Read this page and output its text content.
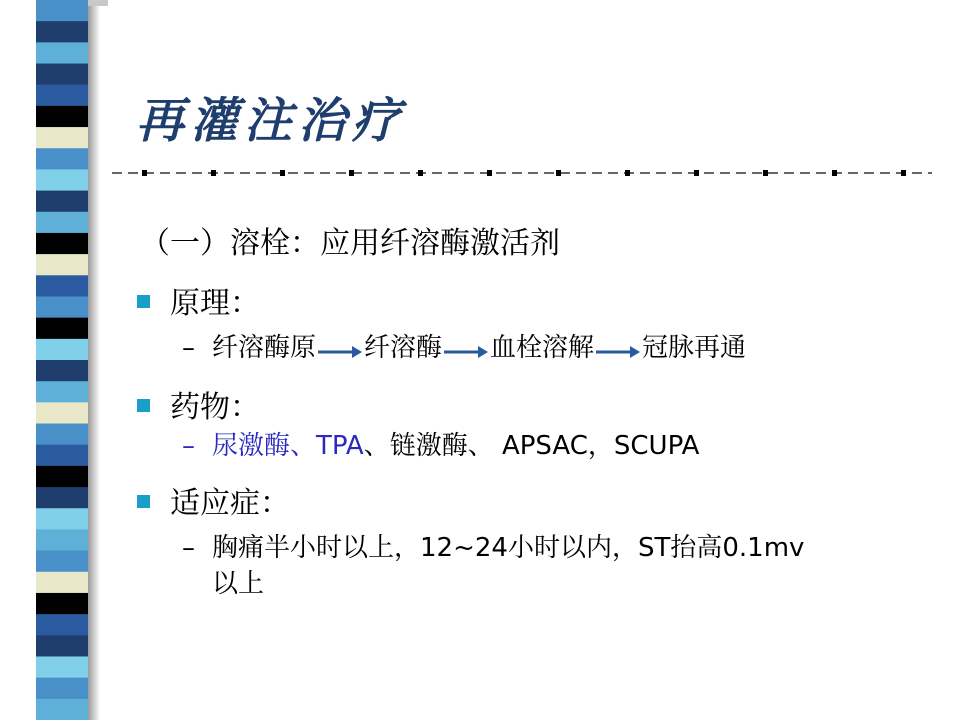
再灌注治疗
（一）溶栓：应用纤溶酶激活剂
原理：
– 纤溶酶原 纤溶酶 血栓溶解 冠脉再通
药物：
– 尿激酶、TPA、链激酶、 APSAC，SCUPA
适应症：
– 胸痛半小时以上，12~24小时以内，ST抬高0.1mv
以上
